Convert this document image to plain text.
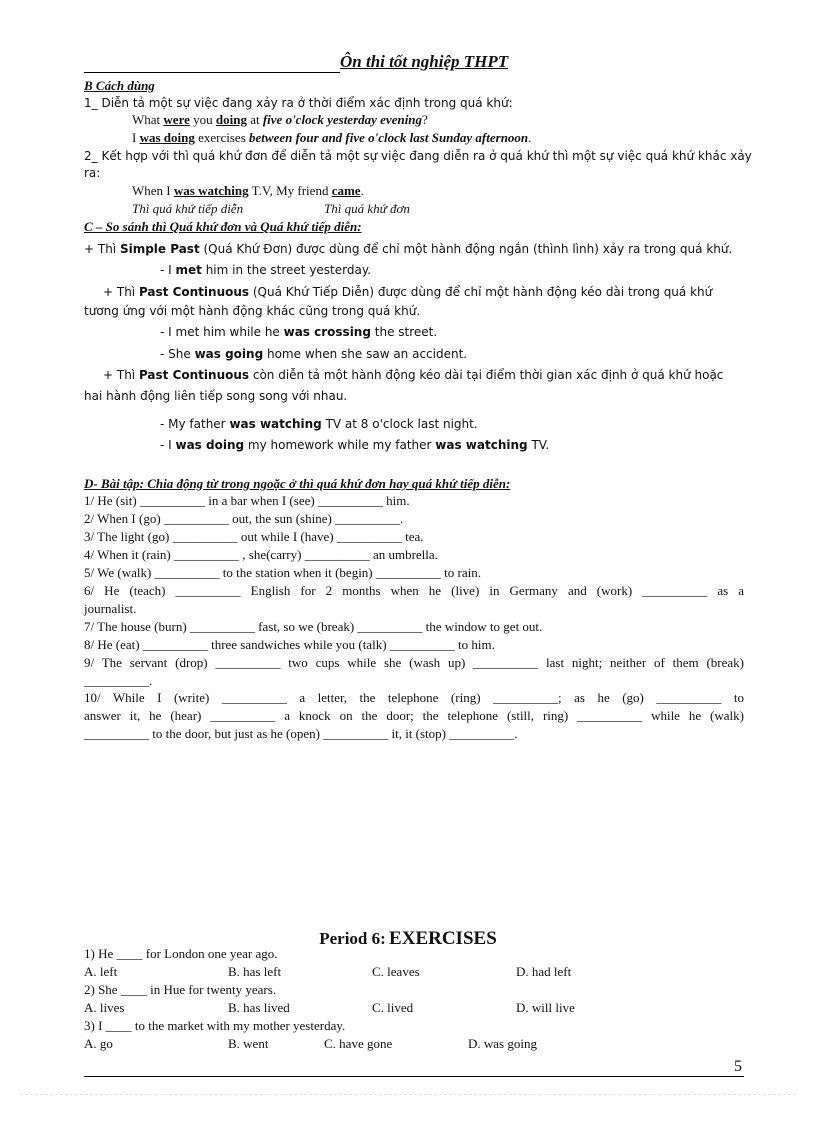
Ôn thi tốt nghiệp THPT
B Cách dùng
1_ Diễn tả một sự việc đang xảy ra ở thời điểm xác định trong quá khứ:
What were you doing at five o'clock yesterday evening?
I was doing exercises between four and five o'clock last Sunday afternoon.
2_ Kết hợp với thì quá khứ đơn để diễn tả một sự việc đang diễn ra ở quá khứ thì một sự việc quá khứ khác xảy
ra:
When I was watching T.V, My friend came.
Thì quá khứ tiếp diễn	Thì quá khứ đơn
C – So sánh thì Quá khứ đơn và Quá khứ tiếp diễn:
+ Thì Simple Past (Quá Khứ Đơn) được dùng để chỉ một hành động ngắn (thình lình) xảy ra trong quá khứ.
- I met him in the street yesterday.
+ Thì Past Continuous (Quá Khứ Tiếp Diễn) được dùng để chỉ một hành động kéo dài trong quá khứ
tương ứng với một hành động khác cũng trong quá khứ.
- I met him while he was crossing the street.
- She was going home when she saw an accident.
+ Thì Past Continuous còn diễn tả một hành động kéo dài tại điểm thời gian xác định ở quá khứ hoặc
hai hành động liên tiếp song song với nhau.
- My father was watching TV at 8 o'clock last night.
- I was doing my homework while my father was watching TV.
D- Bài tập: Chia động từ trong ngoặc ở thì quá khứ đơn hay quá khứ tiếp diễn:
1/ He (sit) __________ in a bar when I (see) __________ him.
2/ When I (go) __________ out, the sun (shine) __________.
3/ The light (go) __________ out while I (have) __________ tea.
4/ When it (rain) __________ , she(carry) __________ an umbrella.
5/ We (walk) __________ to the station when it (begin) __________ to rain.
6/ He (teach) __________ English for 2 months when he (live) in Germany and (work) __________ as a
journalist.
7/ The house (burn) __________ fast, so we (break) __________ the window to get out.
8/ He (eat) __________ three sandwiches while you (talk) __________ to him.
9/ The servant (drop) __________ two cups while she (wash up) __________ last night; neither of them (break)
__________.
10/ While I (write) __________ a letter, the telephone (ring) __________; as he (go) __________ to
answer it, he (hear) __________ a knock on the door; the telephone (still, ring) __________ while he (walk)
__________ to the door, but just as he (open) __________ it, it (stop) __________.
Period 6: EXERCISES
1) He ____ for London one year ago.
A. left	B. has left	C. leaves	D. had left
2) She ____ in Hue for twenty years.
A. lives	B. has lived	C. lived	D. will live
3) I ____ to the market with my mother yesterday.
A. go	B. went	C. have gone	D. was going
5
